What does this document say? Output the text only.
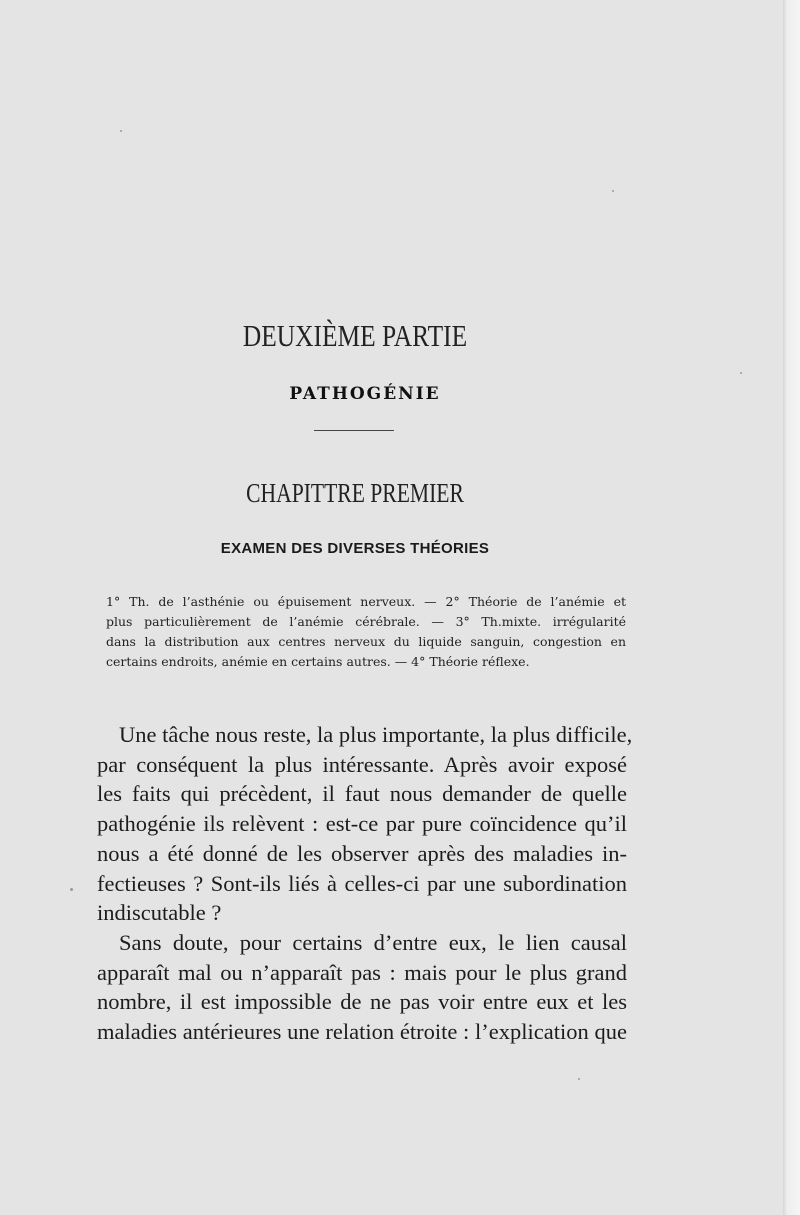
DEUXIÈME PARTIE
PATHOGÉNIE
CHAPITTRE PREMIER
EXAMEN DES DIVERSES THÉORIES
1° Th. de l’asthénie ou épuisement nerveux. — 2° Théorie de l’anémie et
plus particulièrement de l’anémie cérébrale. — 3° Th.mixte. irrégularité
dans la distribution aux centres nerveux du liquide sanguin, congestion en
certains endroits, anémie en certains autres. — 4° Théorie réflexe.
Une tâche nous reste, la plus importante, la plus difficile,
par conséquent la plus intéressante. Après avoir exposé
les faits qui précèdent, il faut nous demander de quelle
pathogénie ils relèvent : est-ce par pure coïncidence qu’il
nous a été donné de les observer après des maladies in-
fectieuses ? Sont-ils liés à celles-ci par une subordination
indiscutable ?
Sans doute, pour certains d’entre eux, le lien causal
apparaît mal ou n’apparaît pas : mais pour le plus grand
nombre, il est impossible de ne pas voir entre eux et les
maladies antérieures une relation étroite : l’explication que
